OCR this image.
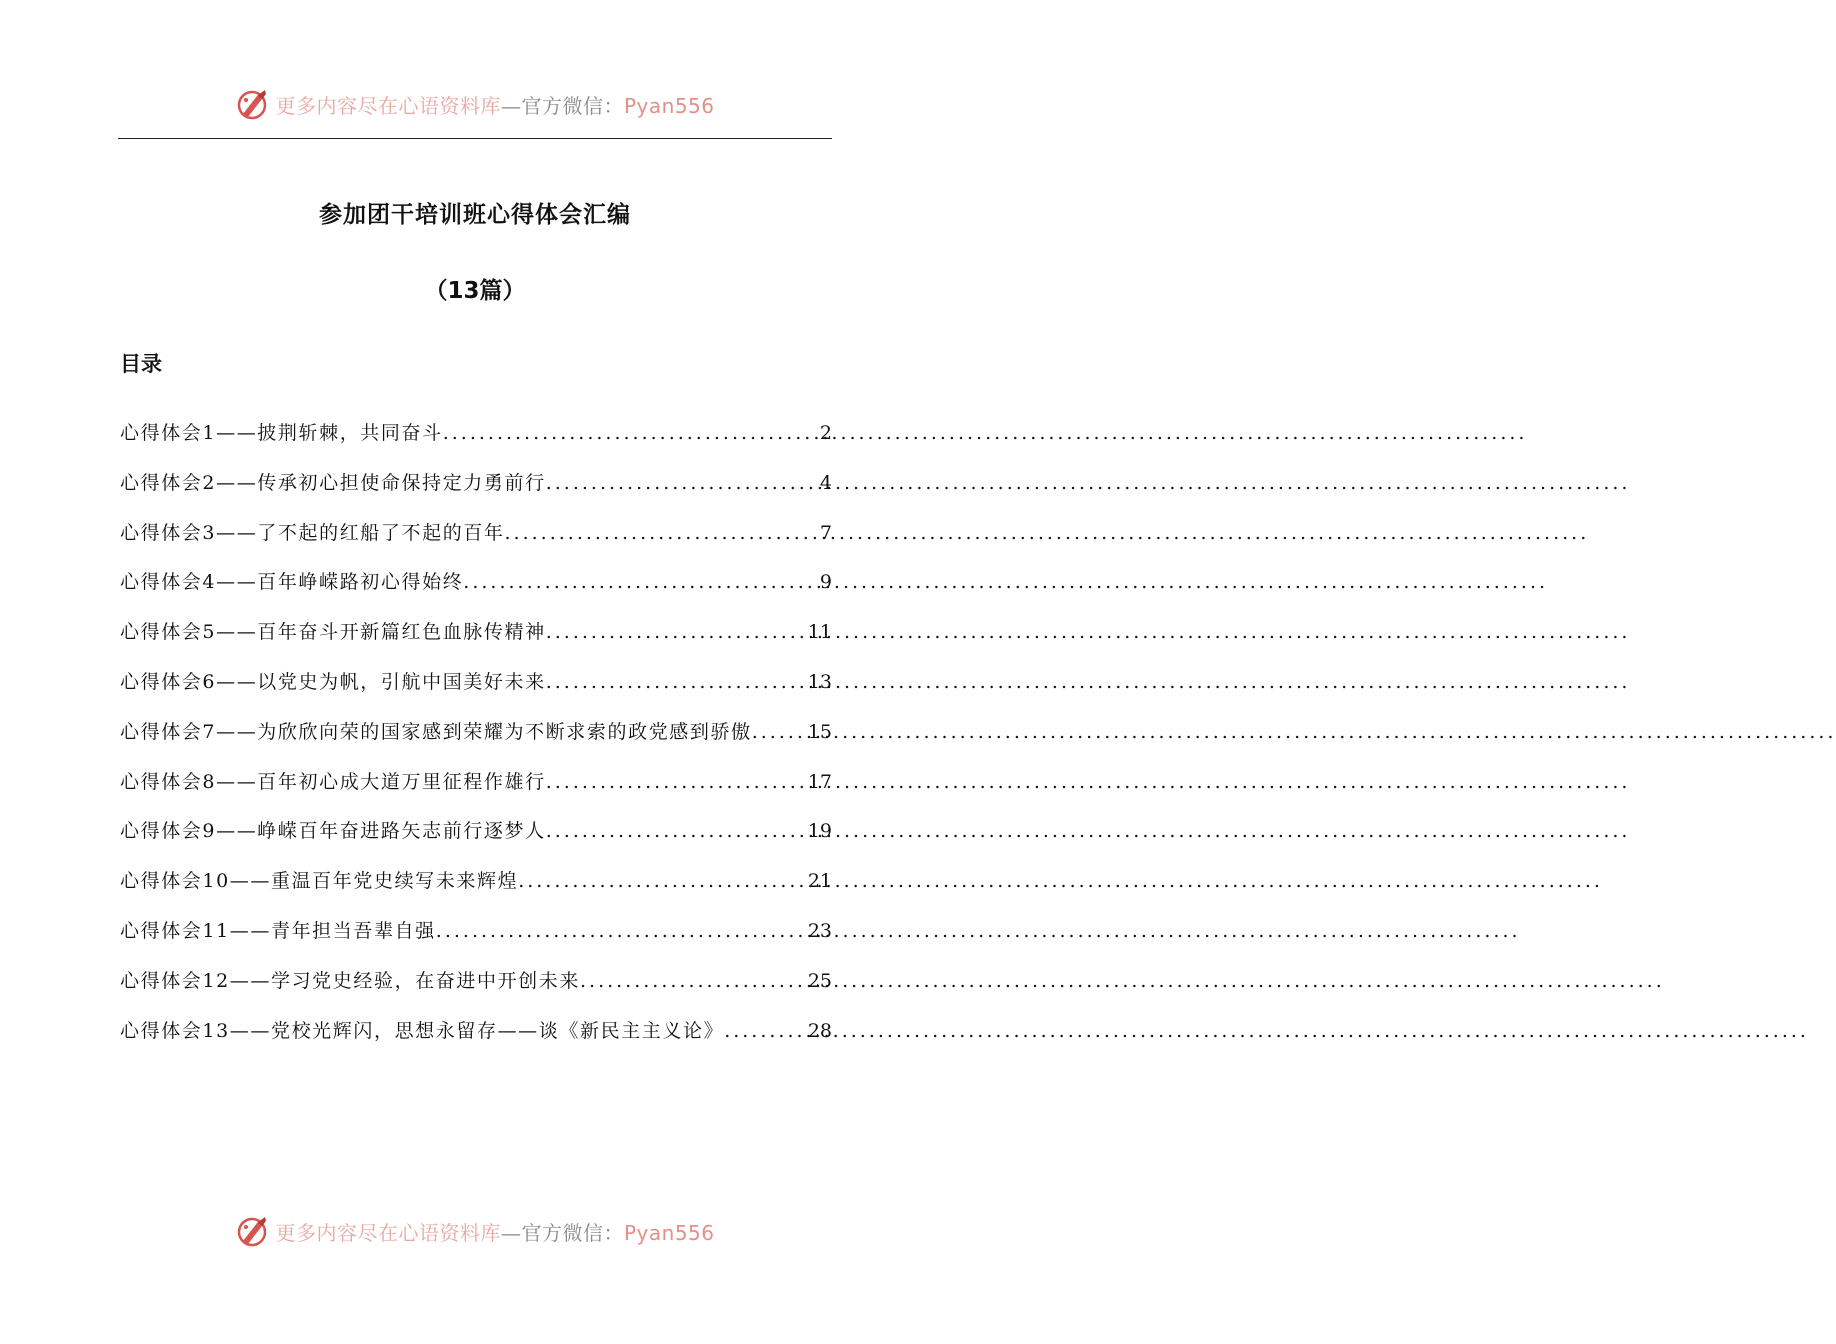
更多内容尽在心语资料库—官方微信：Pyan556
参加团干培训班心得体会汇编
（13篇）
目录
心得体会1——披荆斩棘，共同奋斗 .....	2
心得体会2——传承初心担使命保持定力勇前行 .....	4
心得体会3——了不起的红船了不起的百年 .....	7
心得体会4——百年峥嵘路初心得始终 .....	9
心得体会5——百年奋斗开新篇红色血脉传精神 .....	11
心得体会6——以党史为帆，引航中国美好未来 .....	13
心得体会7——为欣欣向荣的国家感到荣耀为不断求索的政党感到骄傲 .....	15
心得体会8——百年初心成大道万里征程作雄行 .....	17
心得体会9——峥嵘百年奋进路矢志前行逐梦人 .....	19
心得体会10——重温百年党史续写未来辉煌 .....	21
心得体会11——青年担当吾辈自强 .....	23
心得体会12——学习党史经验，在奋进中开创未来 .....	25
心得体会13——党校光辉闪，思想永留存——谈《新民主主义论》 .....	28
更多内容尽在心语资料库—官方微信：Pyan556
